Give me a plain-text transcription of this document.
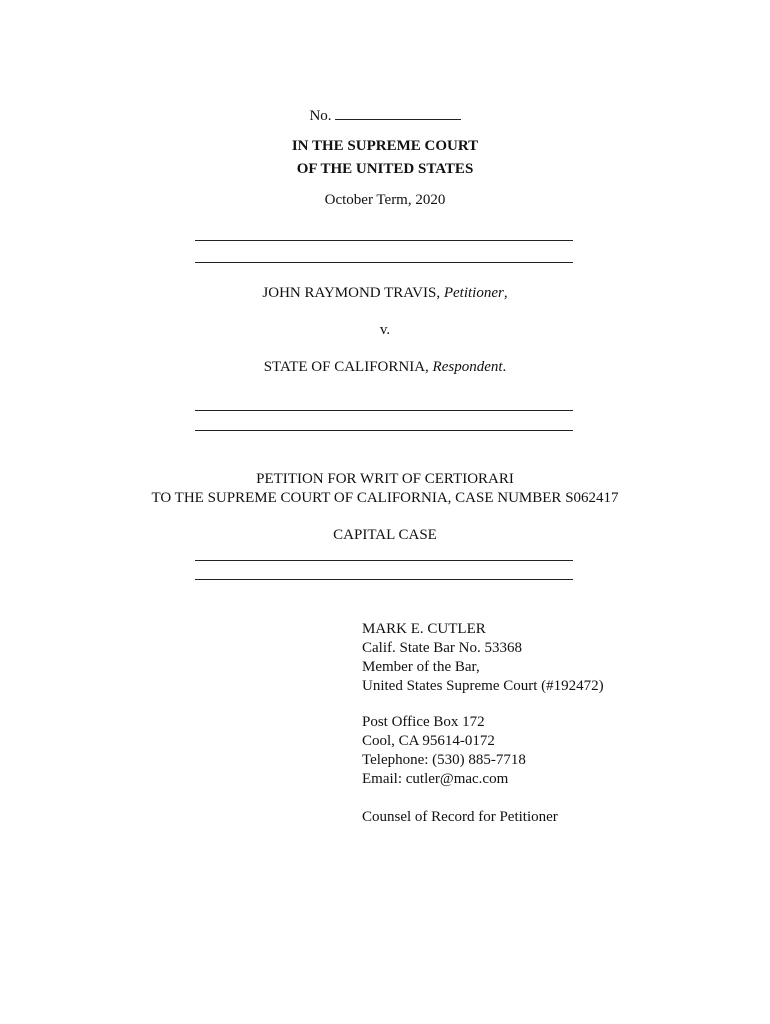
No.
IN THE SUPREME COURT
OF THE UNITED STATES
October Term, 2020
JOHN RAYMOND TRAVIS, Petitioner,
v.
STATE OF CALIFORNIA, Respondent.
PETITION FOR WRIT OF CERTIORARI
TO THE SUPREME COURT OF CALIFORNIA, CASE NUMBER S062417
CAPITAL CASE
MARK E. CUTLER
Calif. State Bar No. 53368
Member of the Bar,
United States Supreme Court (#192472)
Post Office Box 172
Cool, CA 95614-0172
Telephone: (530) 885-7718
Email: cutler@mac.com
Counsel of Record for Petitioner
